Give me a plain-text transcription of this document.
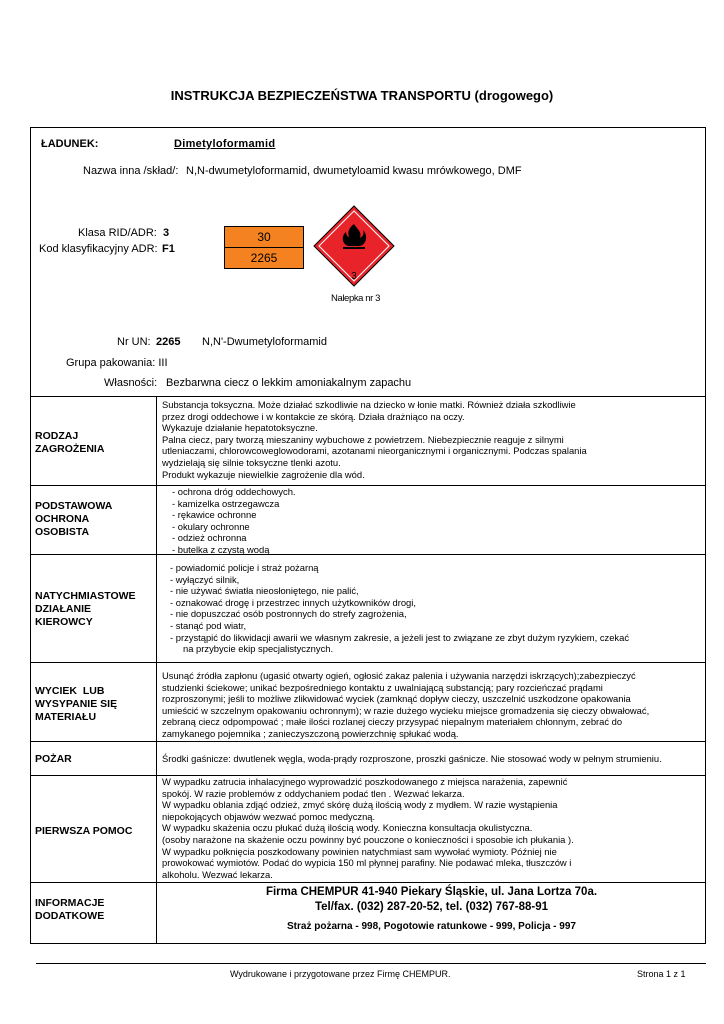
INSTRUKCJA BEZPIECZEŃSTWA TRANSPORTU (drogowego)
ŁADUNEK:	Dimetyloformamid
Nazwa inna /skład/: N,N-dwumetyloformamid, dwumetyloamid kwasu mrówkowego, DMF
Klasa RID/ADR: 3
Kod klasyfikacyjny ADR: F1
30
2265
3
Nalepka nr 3
Nr UN: 2265 N,N'-Dwumetyloformamid
Grupa pakowania: III
Własności: Bezbarwna ciecz o lekkim amoniakalnym zapachu
RODZAJ
ZAGROŻENIA

Substancja toksyczna. Może działać szkodliwie na dziecko w łonie matki. Również działa szkodliwie

przez drogi oddechowe i w kontakcie ze skórą. Działa drażniąco na oczy.

Wykazuje działanie hepatotoksyczne.

Palna ciecz, pary tworzą mieszaniny wybuchowe z powietrzem. Niebezpiecznie reaguje z silnymi

utleniaczami, chlorowcoweglowodorami, azotanami nieorganicznymi i organicznymi. Podczas spalania

wydzielają się silnie toksyczne tlenki azotu.

Produkt wykazuje niewielkie zagrożenie dla wód.

PODSTAWOWA
OCHRONA
OSOBISTA
- ochrona dróg oddechowych.
- kamizelka ostrzegawcza
- rękawice ochronne
- okulary ochronne
- odzież ochronna
- butelka z czystą wodą
NATYCHMIASTOWE
DZIAŁANIE
KIEROWCY
- powiadomić policje i straż pożarną
- wyłączyć silnik,
- nie używać światła nieosłoniętego, nie palić,
- oznakować drogę i przestrzec innych użytkowników drogi,
- nie dopuszczać osób postronnych do strefy zagrożenia,
- stanąć pod wiatr,
- przystąpić do likwidacji awarii we własnym zakresie, a jeżeli jest to związane ze zbyt dużym ryzykiem, czekać
na przybycie ekip specjalistycznych.
WYCIEK  LUB
WYSYPANIE SIĘ
MATERIAŁU

Usunąć źródła zapłonu (ugasić otwarty ogień, ogłosić zakaz palenia i używania narzędzi iskrzących);zabezpieczyć

studzienki ściekowe; unikać bezpośredniego kontaktu z uwalniającą substancją; pary rozcieńczać prądami

rozproszonymi; jeśli to możliwe zlikwidować wyciek (zamknąć dopływ cieczy, uszczelnić uszkodzone opakowania

umieścić w szczelnym opakowaniu ochronnym); w razie dużego wycieku miejsce gromadzenia się cieczy obwałować,

zebraną ciecz odpompować ; małe ilości rozlanej cieczy przysypać niepalnym materiałem chłonnym, zebrać do

zamykanego pojemnika ; zanieczyszczoną powierzchnię spłukać wodą.

POŻAR	Środki gaśnicze: dwutlenek węgla, woda-prądy rozproszone, proszki gaśnicze. Nie stosować wody w pełnym strumieniu.
PIERWSZA POMOC

W wypadku zatrucia inhalacyjnego wyprowadzić poszkodowanego z miejsca narażenia, zapewnić

spokój. W razie problemów z oddychaniem podać tlen . Wezwać lekarza.

W wypadku oblania zdjąć odzież, zmyć skórę dużą ilością wody z mydłem. W razie wystąpienia

niepokojących objawów wezwać pomoc medyczną.

W wypadku skażenia oczu płukać dużą ilością wody. Konieczna konsultacja okulistyczna.

(osoby narażone na skażenie oczu powinny być pouczone o konieczności i sposobie ich płukania ).

W wypadku połknięcia poszkodowany powinien natychmiast sam wywołać wymioty. Później nie

prowokować wymiotów. Podać do wypicia 150 ml płynnej parafiny. Nie podawać mleka, tłuszczów i

alkoholu. Wezwać lekarza.

INFORMACJE
DODATKOWE
Firma CHEMPUR 41-940 Piekary Śląskie, ul. Jana Lortza 70a.
Tel/fax. (032) 287-20-52, tel. (032) 767-88-91
Straż pożarna - 998, Pogotowie ratunkowe - 999, Policja - 997
Wydrukowane i przygotowane przez Firmę CHEMPUR.	Strona 1 z 1
